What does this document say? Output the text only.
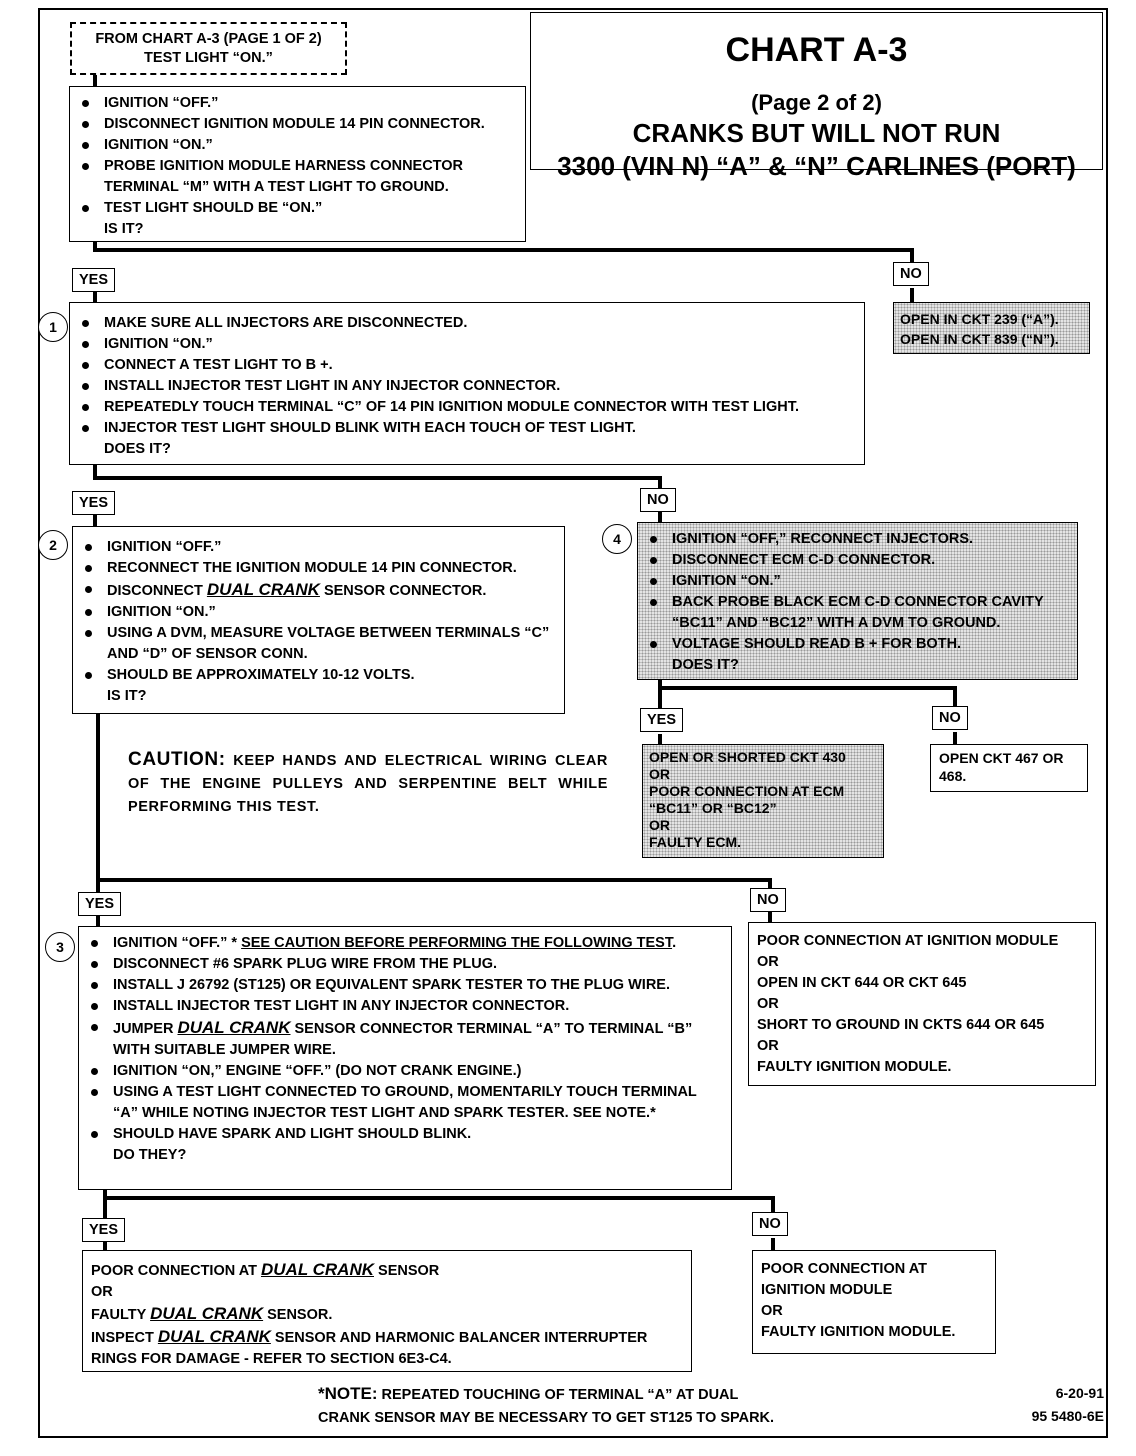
CHART A-3
(Page 2 of 2)
CRANKS BUT WILL NOT RUN
3300 (VIN N) “A” & “N” CARLINES (PORT)
FROM CHART A-3 (PAGE 1 OF 2)
TEST LIGHT “ON.”
IGNITION “OFF.”
DISCONNECT IGNITION MODULE 14 PIN CONNECTOR.
IGNITION “ON.”
PROBE IGNITION MODULE HARNESS CONNECTOR TERMINAL “M” WITH A TEST LIGHT TO GROUND.
TEST LIGHT SHOULD BE “ON.”
IS IT?
YES	NO
OPEN IN CKT 239 (“A”).
OPEN IN CKT 839 (“N”).
1	MAKE SURE ALL INJECTORS ARE DISCONNECTED.
IGNITION “ON.”
CONNECT A TEST LIGHT TO B +.
INSTALL INJECTOR TEST LIGHT IN ANY INJECTOR CONNECTOR.
REPEATEDLY TOUCH TERMINAL “C” OF 14 PIN IGNITION MODULE CONNECTOR WITH TEST LIGHT.
INJECTOR TEST LIGHT SHOULD BLINK WITH EACH TOUCH OF TEST LIGHT.
DOES IT?
YES	NO
2	IGNITION “OFF.”
RECONNECT THE IGNITION MODULE 14 PIN CONNECTOR.
DISCONNECT DUAL CRANK SENSOR CONNECTOR.
IGNITION “ON.”
USING A DVM, MEASURE VOLTAGE BETWEEN TERMINALS “C” AND “D” OF SENSOR CONN.
SHOULD BE APPROXIMATELY 10-12 VOLTS.
IS IT?
4	IGNITION “OFF,” RECONNECT INJECTORS.
DISCONNECT ECM C-D CONNECTOR.
IGNITION “ON.”
BACK PROBE BLACK ECM C-D CONNECTOR CAVITY “BC11” AND “BC12” WITH A DVM TO GROUND.
VOLTAGE SHOULD READ B + FOR BOTH.
DOES IT?
YES	NO
OPEN OR SHORTED CKT 430
OR
POOR CONNECTION AT ECM
“BC11” OR “BC12”
OR
FAULTY ECM.
OPEN CKT 467 OR
468.
CAUTION: KEEP HANDS AND ELECTRICAL WIRING CLEAR OF THE ENGINE PULLEYS AND SERPENTINE BELT WHILE PERFORMING THIS TEST.
YES	NO
POOR CONNECTION AT IGNITION MODULE
OR
OPEN IN CKT 644 OR CKT 645
OR
SHORT TO GROUND IN CKTS 644 OR 645
OR
FAULTY IGNITION MODULE.
3	IGNITION “OFF.” * SEE CAUTION BEFORE PERFORMING THE FOLLOWING TEST.
DISCONNECT #6 SPARK PLUG WIRE FROM THE PLUG.
INSTALL J 26792 (ST125) OR EQUIVALENT SPARK TESTER TO THE PLUG WIRE.
INSTALL INJECTOR TEST LIGHT IN ANY INJECTOR CONNECTOR.
JUMPER DUAL CRANK SENSOR CONNECTOR TERMINAL “A” TO TERMINAL “B” WITH SUITABLE JUMPER WIRE.
IGNITION “ON,” ENGINE “OFF.” (DO NOT CRANK ENGINE.)
USING A TEST LIGHT CONNECTED TO GROUND, MOMENTARILY TOUCH TERMINAL “A” WHILE NOTING INJECTOR TEST LIGHT AND SPARK TESTER. SEE NOTE.*
SHOULD HAVE SPARK AND LIGHT SHOULD BLINK.
DO THEY?
YES	NO
POOR CONNECTION AT DUAL CRANK SENSOR
OR
FAULTY DUAL CRANK SENSOR.
INSPECT DUAL CRANK SENSOR AND HARMONIC BALANCER INTERRUPTER RINGS FOR DAMAGE - REFER TO SECTION 6E3-C4.
POOR CONNECTION AT
IGNITION MODULE
OR
FAULTY IGNITION MODULE.
*NOTE: REPEATED TOUCHING OF TERMINAL “A” AT DUAL
CRANK SENSOR MAY BE NECESSARY TO GET ST125 TO SPARK.
6-20-91
95 5480-6E
